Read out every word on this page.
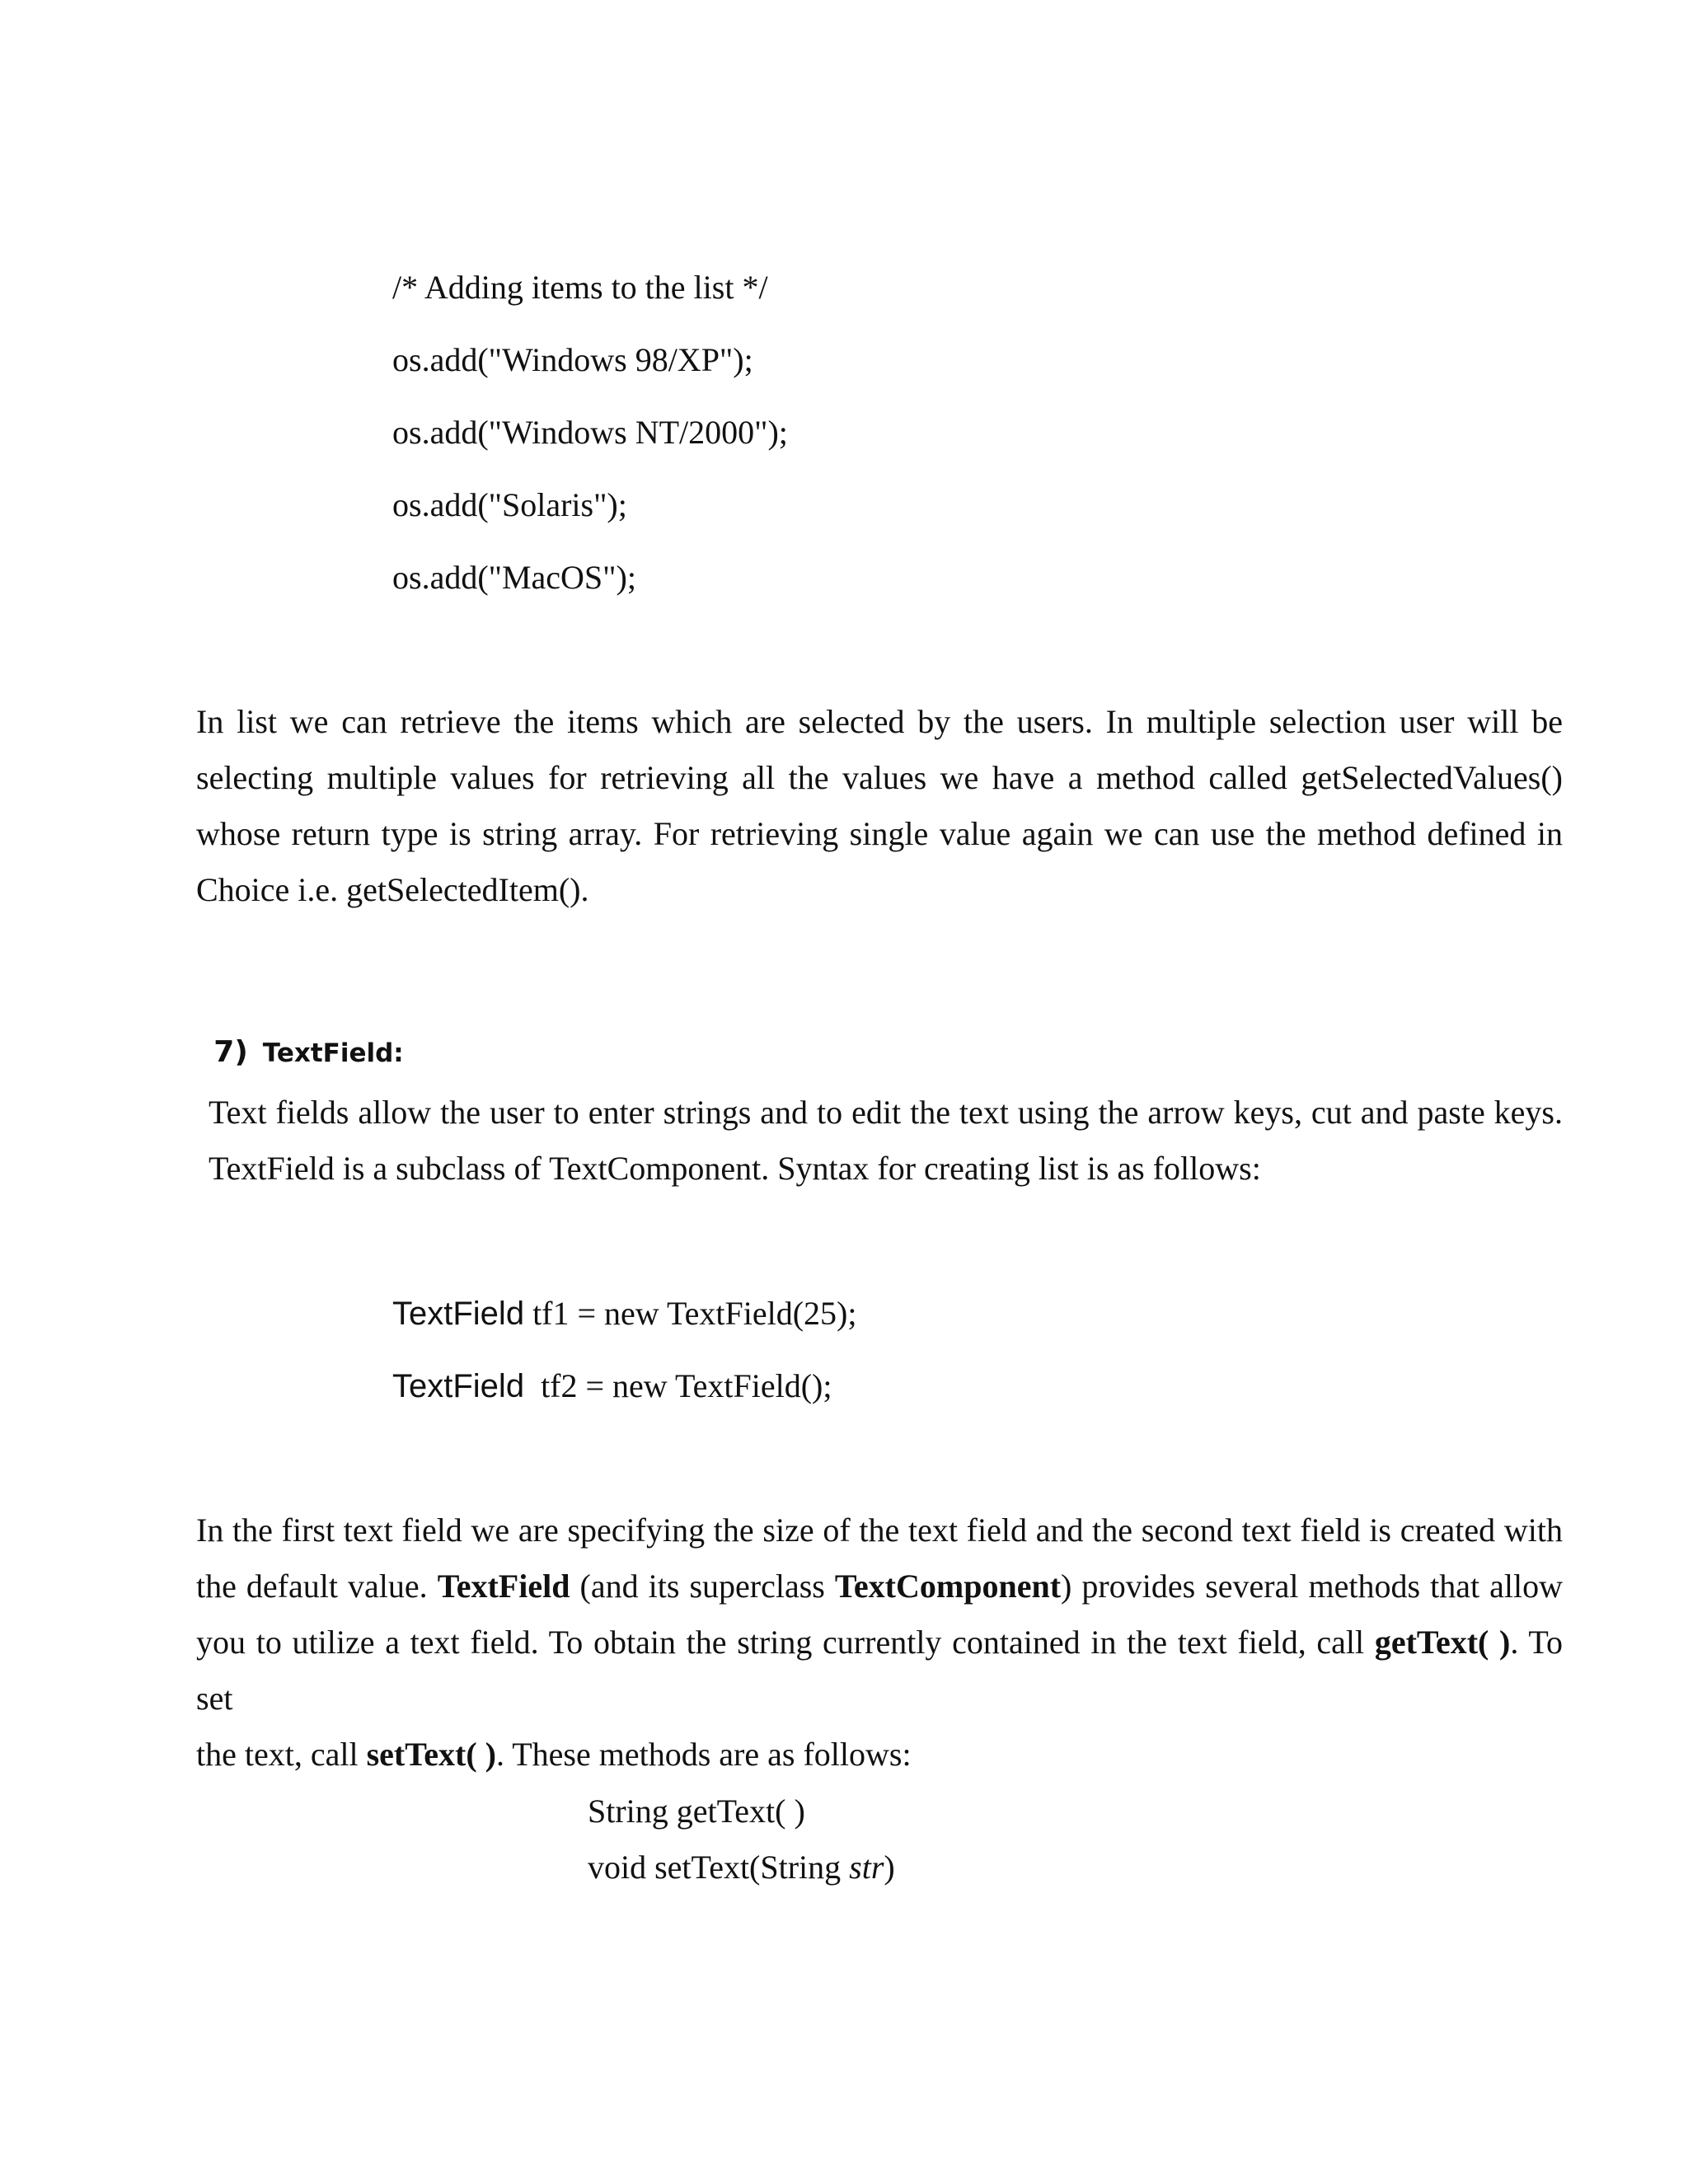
/* Adding items to the list */
os.add("Windows 98/XP");
os.add("Windows NT/2000");
os.add("Solaris");
os.add("MacOS");

In list we can retrieve the items which are selected by the users. In multiple selection user will be

selecting multiple values for retrieving all the values we have a method called getSelectedValues()

whose return type is string array. For retrieving single value again we can use the method defined in

Choice i.e. getSelectedItem().

7) TextField:

Text fields allow the user to enter strings and to edit the text using the arrow keys, cut and paste keys.

TextField is a subclass of TextComponent. Syntax for creating list is as follows:

TextField tf1 = new TextField(25);
TextField  tf2 = new TextField();

In the first text field we are specifying the size of the text field and the second text field is created with

the default value. TextField (and its superclass TextComponent) provides several methods that allow

you to utilize a text field. To obtain the string currently contained in the text field, call getText( ). To set

the text, call setText( ). These methods are as follows:

String getText( )
void setText(String str)
